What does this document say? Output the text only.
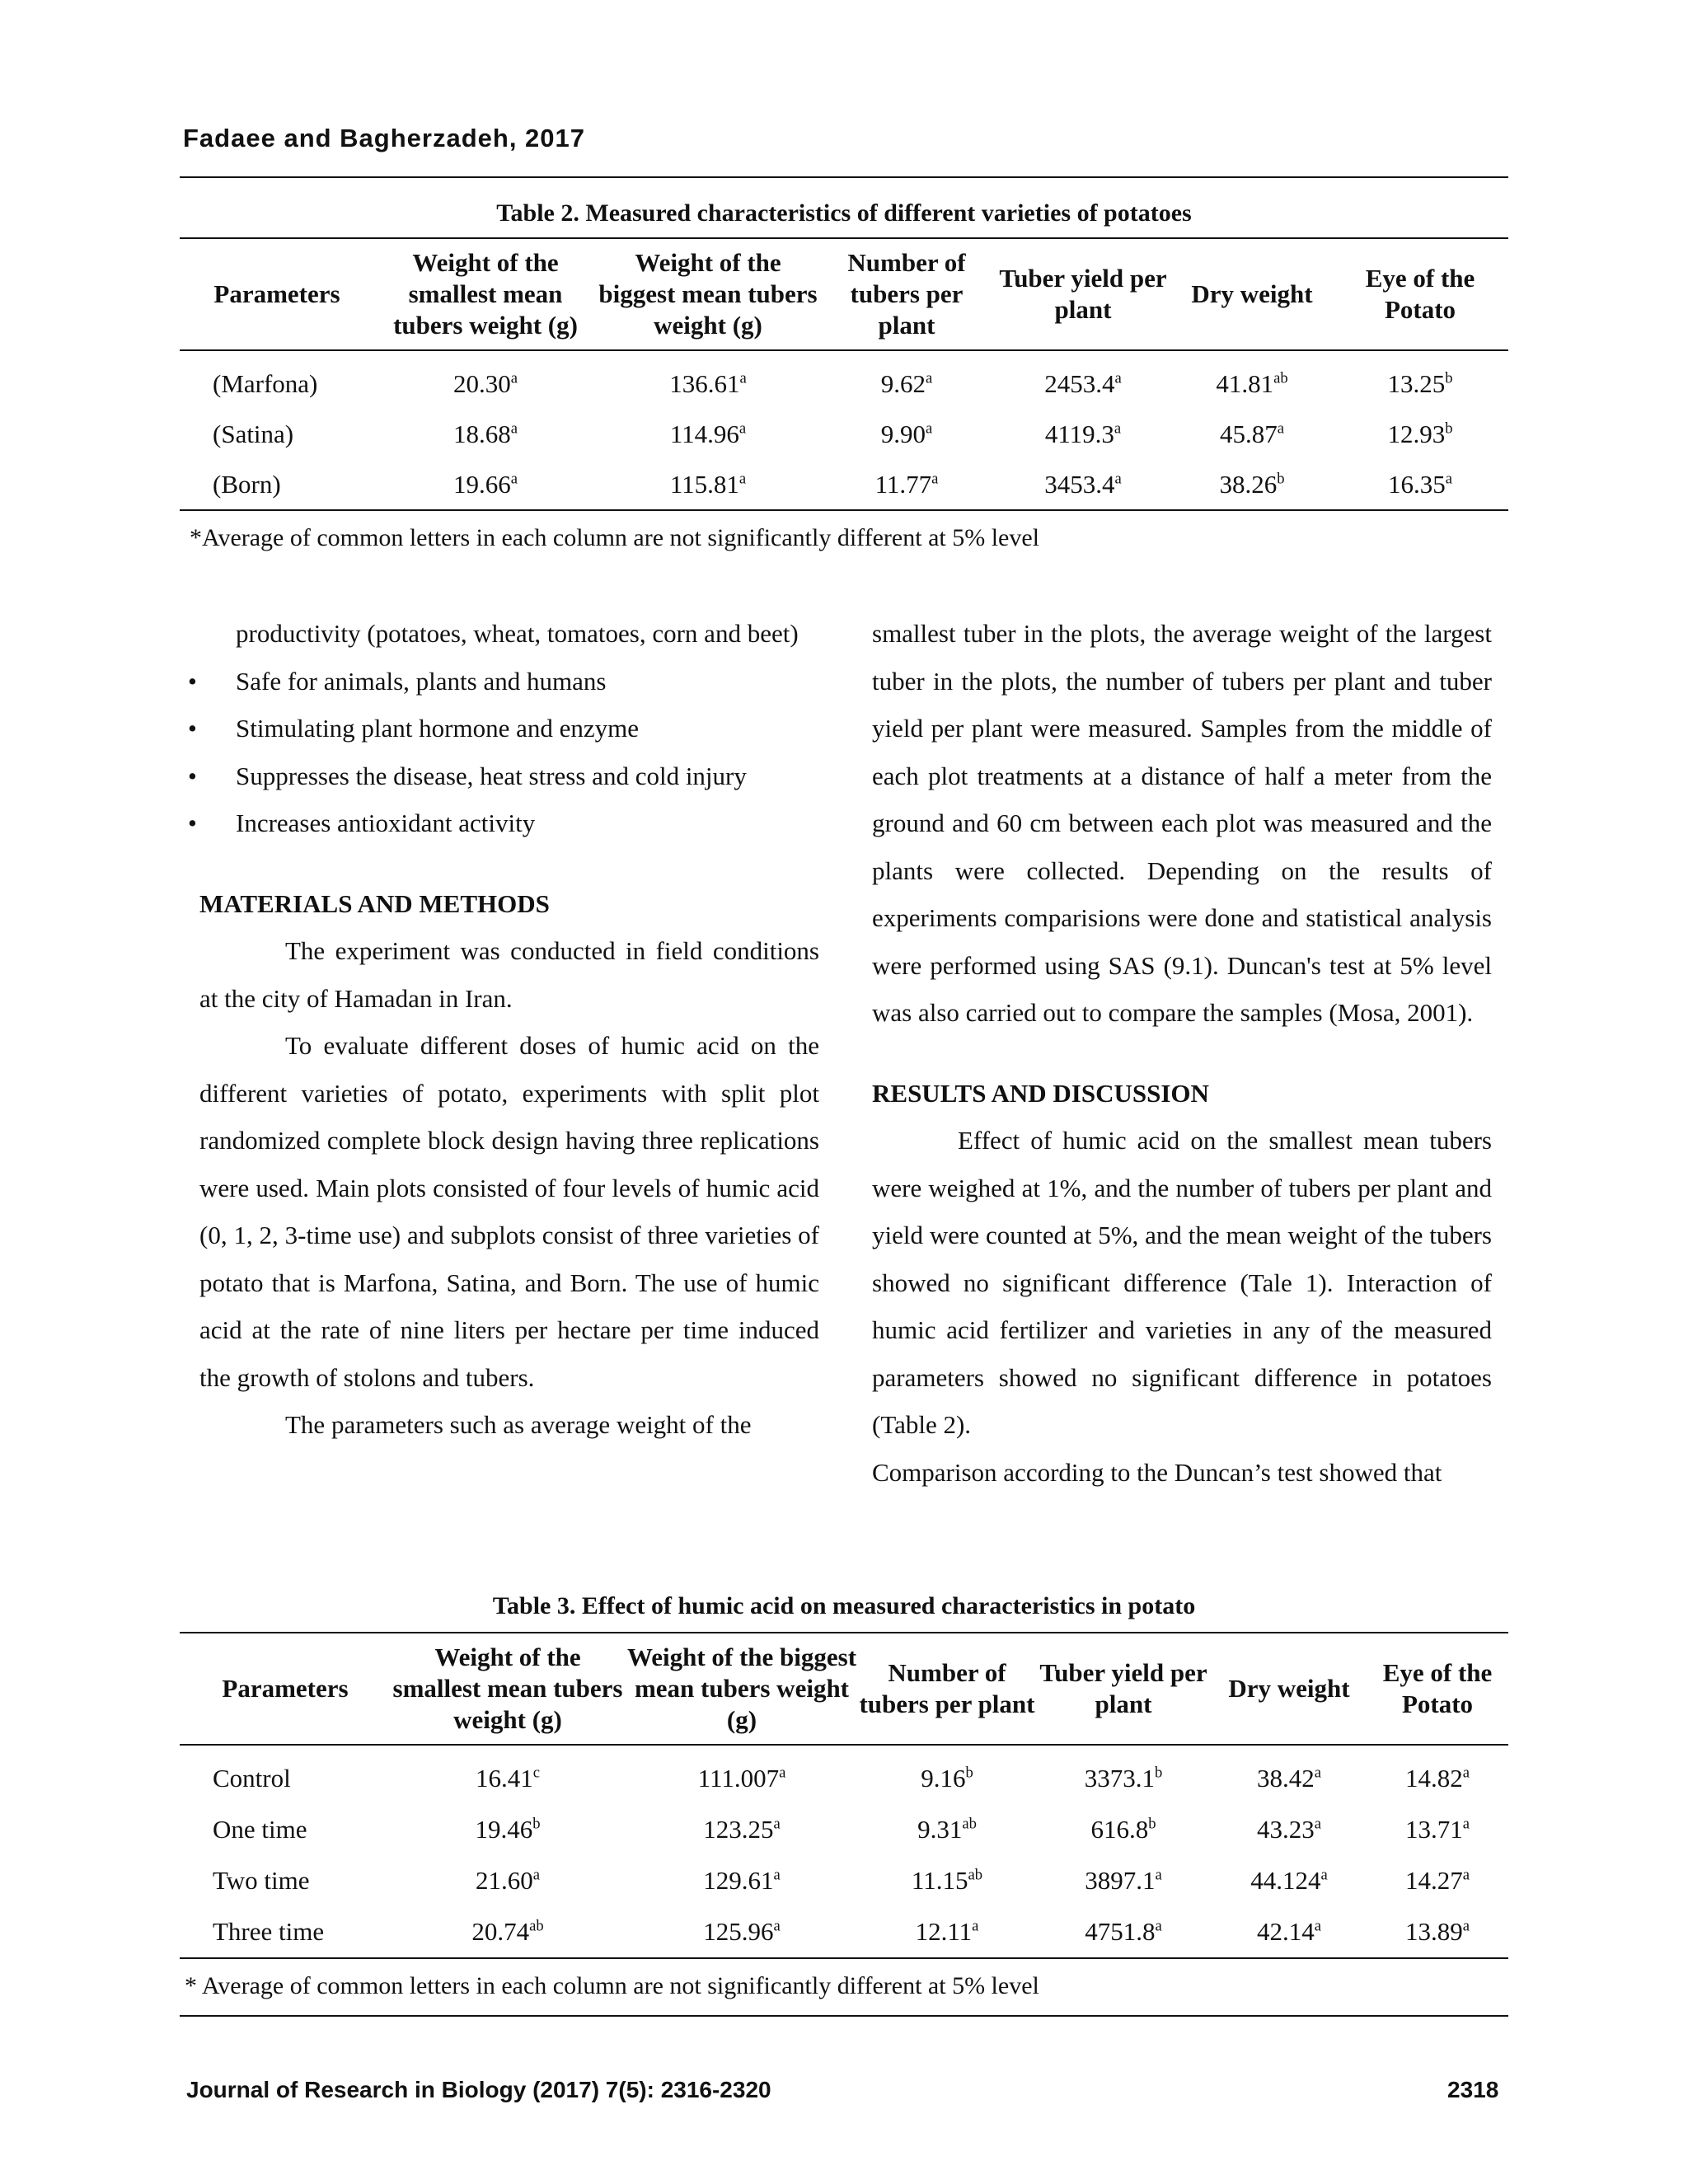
Fadaee and Bagherzadeh, 2017
Table 2. Measured characteristics of different varieties of potatoes
Parameters	Weight of the smallest mean tubers weight (g)	Weight of the biggest mean tubers weight (g)	Number of tubers per plant	Tuber yield per plant	Dry weight	Eye of the Potato
(Marfona)	20.30$^a$	136.61$^a$	9.62$^a$	2453.4$^a$	41.81$^{ab}$	13.25$^b$
(Satina)	18.68$^a$	114.96$^a$	9.90$^a$	4119.3$^a$	45.87$^a$	12.93$^b$
(Born)	19.66$^a$	115.81$^a$	11.77$^a$	3453.4$^a$	38.26$^b$	16.35$^a$
*Average of common letters in each column are not significantly different at 5% level

productivity (potatoes, wheat, tomatoes, corn and beet)

• Safe for animals, plants and humans
• Stimulating plant hormone and enzyme
• Suppresses the disease, heat stress and cold injury
• Increases antioxidant activity
MATERIALS AND METHODS

The experiment was conducted in field conditions at the city of Hamadan in Iran.

To evaluate different doses of humic acid on the different varieties of potato, experiments with split plot randomized complete block design having three replications were used. Main plots consisted of four levels of humic acid (0, 1, 2, 3-time use) and subplots consist of three varieties of potato that is Marfona, Satina, and Born. The use of humic acid at the rate of nine liters per hectare per time induced the growth of stolons and tubers.

The parameters such as average weight of the

smallest tuber in the plots, the average weight of the largest tuber in the plots, the number of tubers per plant and tuber yield per plant were measured. Samples from the middle of each plot treatments at a distance of half a meter from the ground and 60 cm between each plot was measured and the plants were collected. Depending on the results of experiments comparisions were done and statistical analysis were performed using SAS (9.1). Duncan's test at 5% level was also carried out to compare the samples (Mosa, 2001).

RESULTS AND DISCUSSION

Effect of humic acid on the smallest mean tubers were weighed at 1%, and the number of tubers per plant and yield were counted at 5%, and the mean weight of the tubers showed no significant difference (Tale 1). Interaction of humic acid fertilizer and varieties in any of the measured parameters showed no significant difference in potatoes (Table 2).

Comparison according to the Duncan’s test showed that

Table 3. Effect of humic acid on measured characteristics in potato
Parameters	Weight of the smallest mean tubers weight (g)	Weight of the biggest mean tubers weight (g)	Number of tubers per plant	Tuber yield per plant	Dry weight	Eye of the Potato
Control	16.41$^c$	111.007$^a$	9.16$^b$	3373.1$^b$	38.42$^a$	14.82$^a$
One time	19.46$^b$	123.25$^a$	9.31$^{ab}$	616.8$^b$	43.23$^a$	13.71$^a$
Two time	21.60$^a$	129.61$^a$	11.15$^{ab}$	3897.1$^a$	44.124$^a$	14.27$^a$
Three time	20.74$^{ab}$	125.96$^a$	12.11$^a$	4751.8$^a$	42.14$^a$	13.89$^a$
* Average of common letters in each column are not significantly different at 5% level
Journal of Research in Biology (2017) 7(5): 2316-2320	2318
